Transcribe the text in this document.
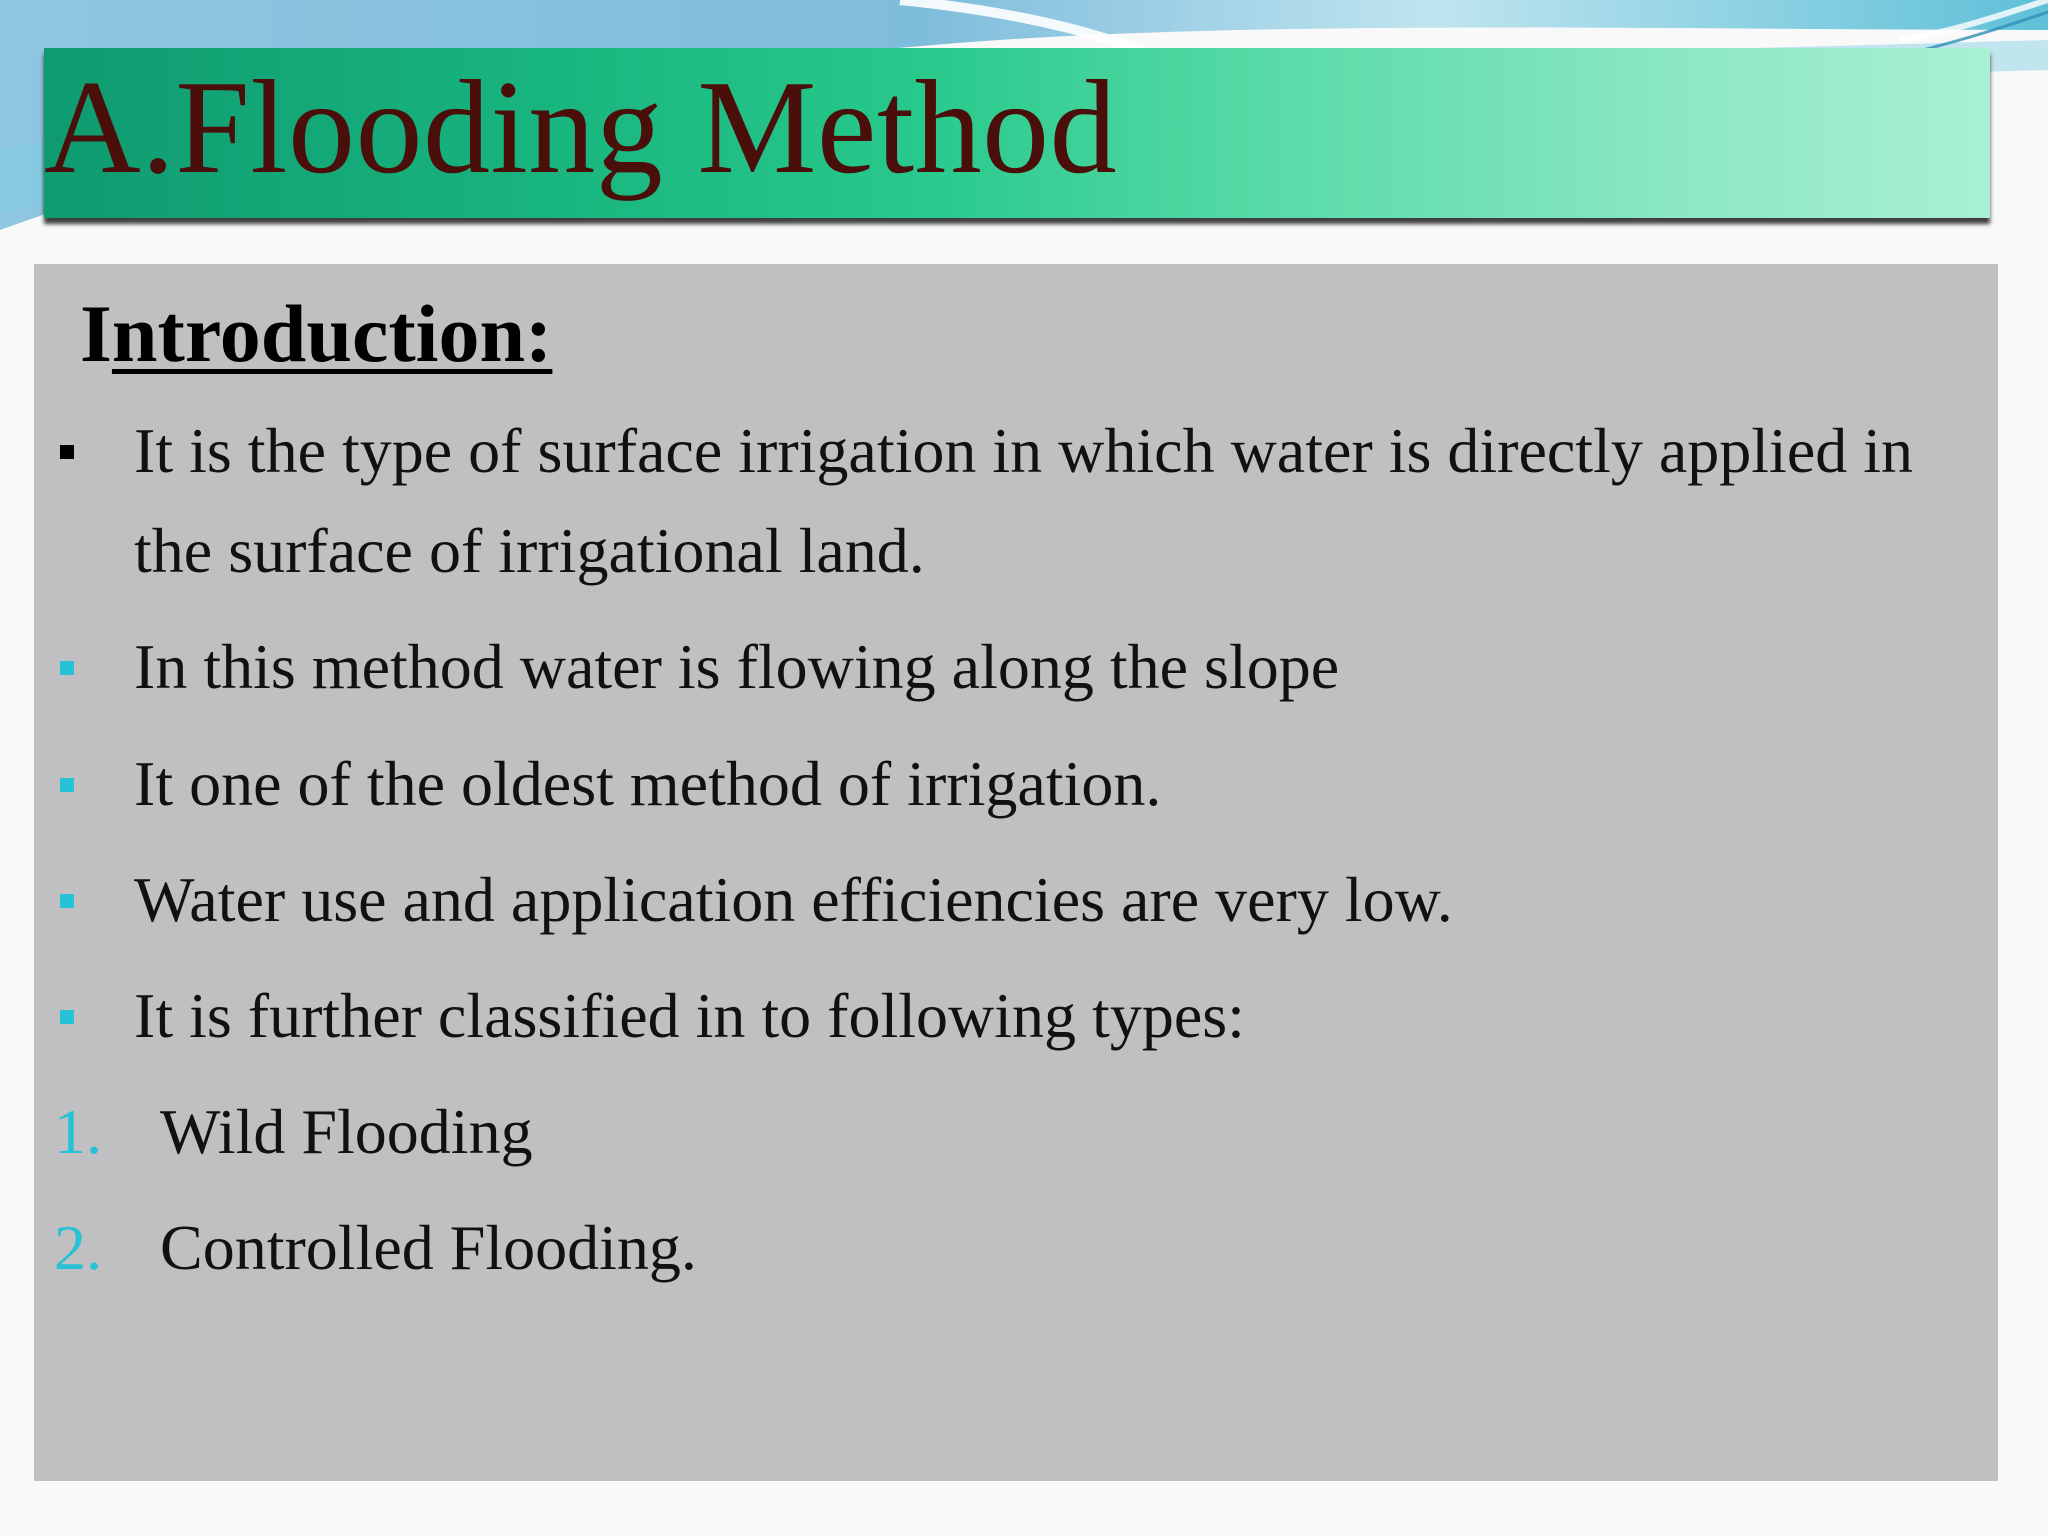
A.Flooding Method
Introduction:
It is the type of surface irrigation in which water is directly applied in the surface of irrigational land.
In this method water is flowing along the slope
It one of the oldest method of irrigation.
Water use and application efficiencies are very low.
It is further classified in to following types:
1. Wild Flooding
2. Controlled Flooding.
